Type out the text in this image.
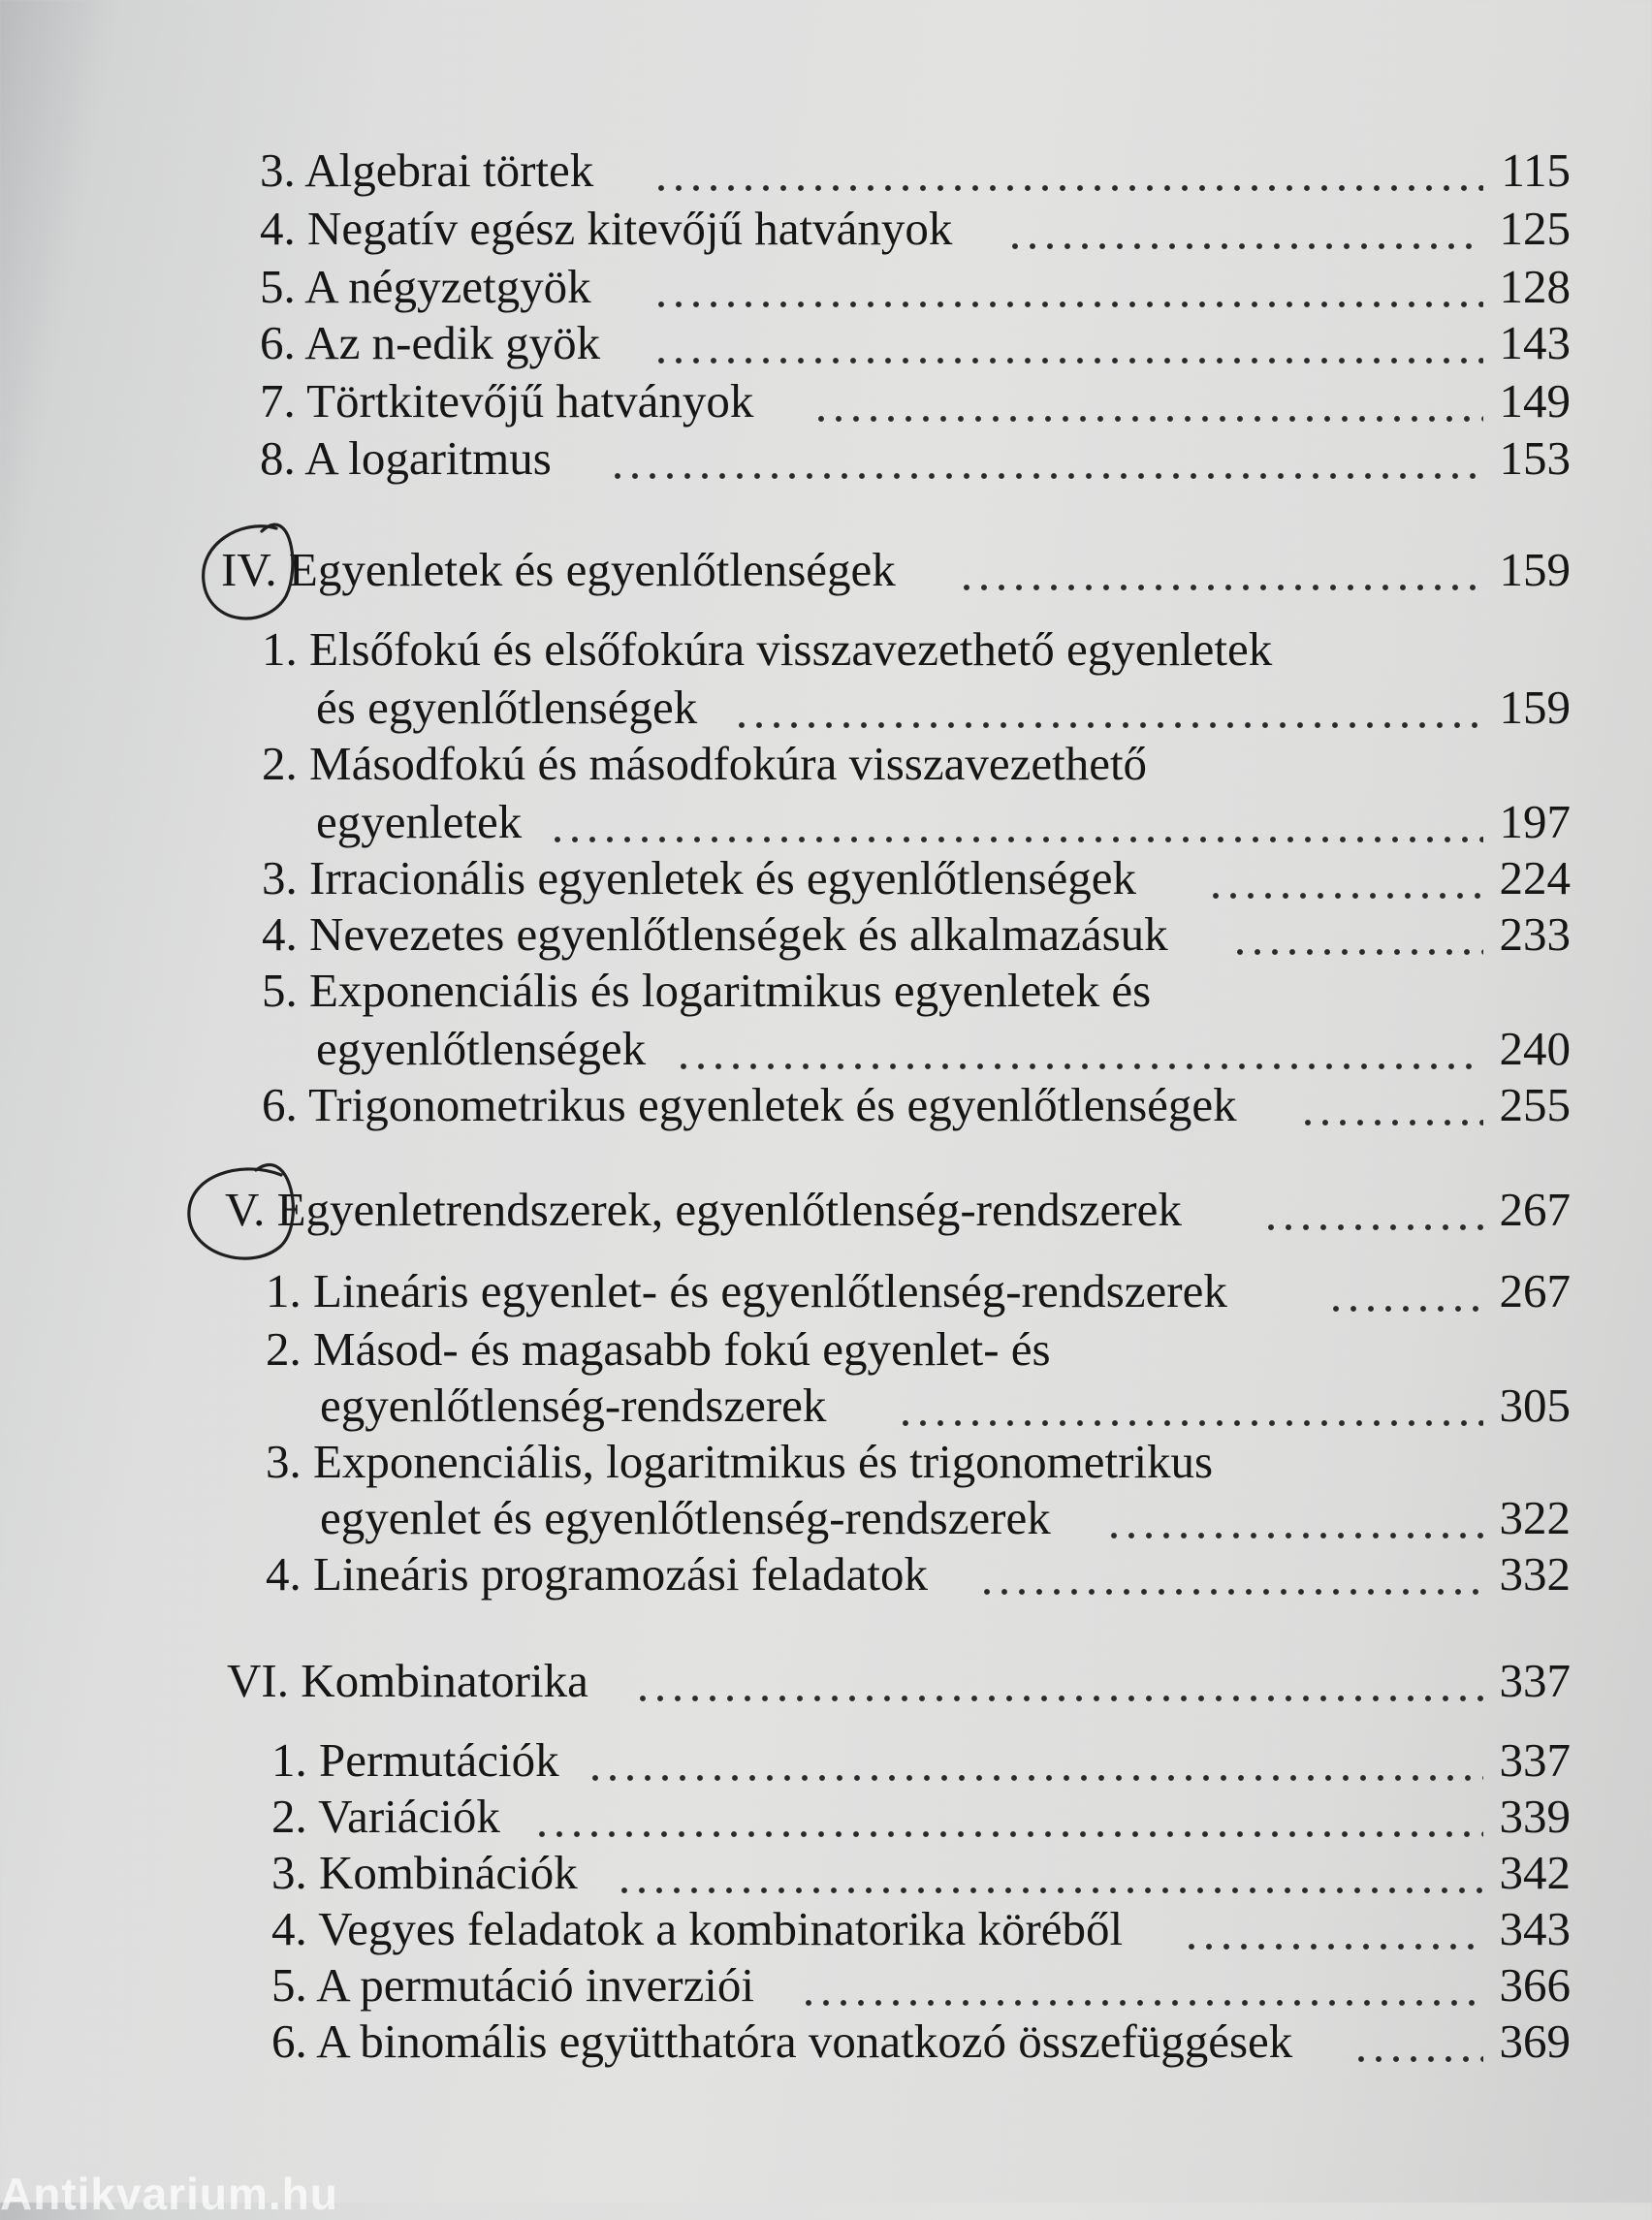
3. Algebrai törtek	115
4. Negatív egész kitevőjű hatványok	125
5. A négyzetgyök	128
6. Az n-edik gyök	143
7. Törtkitevőjű hatványok	149
8. A logaritmus	153
IV. Egyenletek és egyenlőtlenségek	159
1. Elsőfokú és elsőfokúra visszavezethető egyenletek
és egyenlőtlenségek	159
2. Másodfokú és másodfokúra visszavezethető
egyenletek	197
3. Irracionális egyenletek és egyenlőtlenségek	224
4. Nevezetes egyenlőtlenségek és alkalmazásuk	233
5. Exponenciális és logaritmikus egyenletek és
egyenlőtlenségek	240
6. Trigonometrikus egyenletek és egyenlőtlenségek	255
V. Egyenletrendszerek, egyenlőtlenség-rendszerek	267
1. Lineáris egyenlet- és egyenlőtlenség-rendszerek	267
2. Másod- és magasabb fokú egyenlet- és
egyenlőtlenség-rendszerek	305
3. Exponenciális, logaritmikus és trigonometrikus
egyenlet és egyenlőtlenség-rendszerek	322
4. Lineáris programozási feladatok	332
VI. Kombinatorika	337
1. Permutációk	337
2. Variációk	339
3. Kombinációk	342
4. Vegyes feladatok a kombinatorika köréből	343
5. A permutáció inverziói	366
6. A binomális együtthatóra vonatkozó összefüggések	369
Antikvarium.hu
